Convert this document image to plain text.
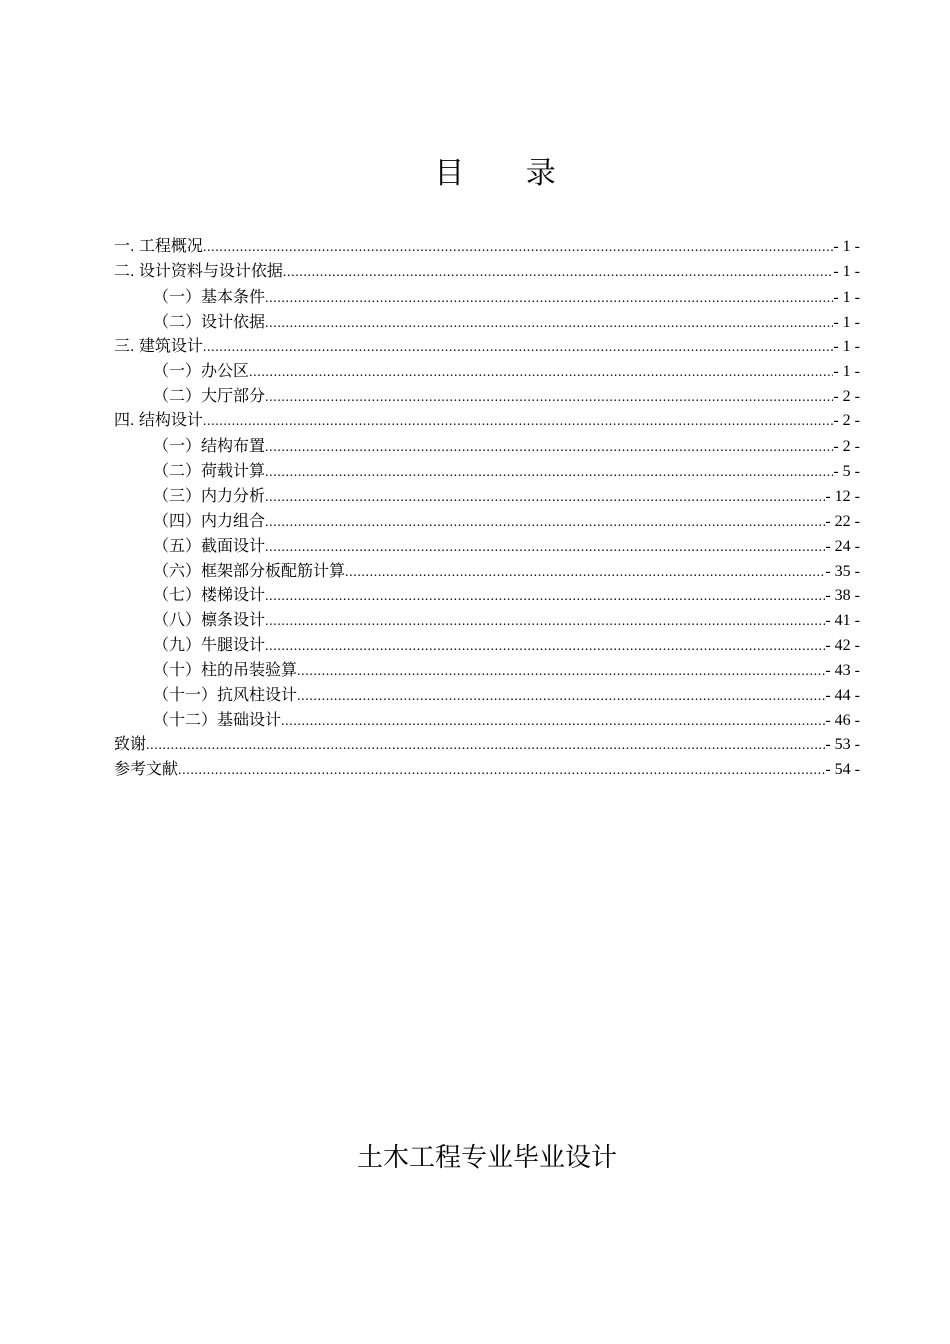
目 录
一. 工程概况 .....	- 1 -
二. 设计资料与设计依据 .....	- 1 -
（一）基本条件 .....	- 1 -
（二）设计依据 .....	- 1 -
三. 建筑设计 .....	- 1 -
（一）办公区 .....	- 1 -
（二）大厅部分 .....	- 2 -
四. 结构设计 .....	- 2 -
（一）结构布置 .....	- 2 -
（二）荷载计算 .....	- 5 -
（三）内力分析 .....	- 12 -
（四）内力组合 .....	- 22 -
（五）截面设计 .....	- 24 -
（六）框架部分板配筋计算 .....	- 35 -
（七）楼梯设计 .....	- 38 -
（八）檩条设计 .....	- 41 -
（九）牛腿设计 .....	- 42 -
（十）柱的吊装验算 .....	- 43 -
（十一）抗风柱设计 .....	- 44 -
（十二）基础设计 .....	- 46 -
致谢 .....	- 53 -
参考文献 .....	- 54 -
土木工程专业毕业设计
